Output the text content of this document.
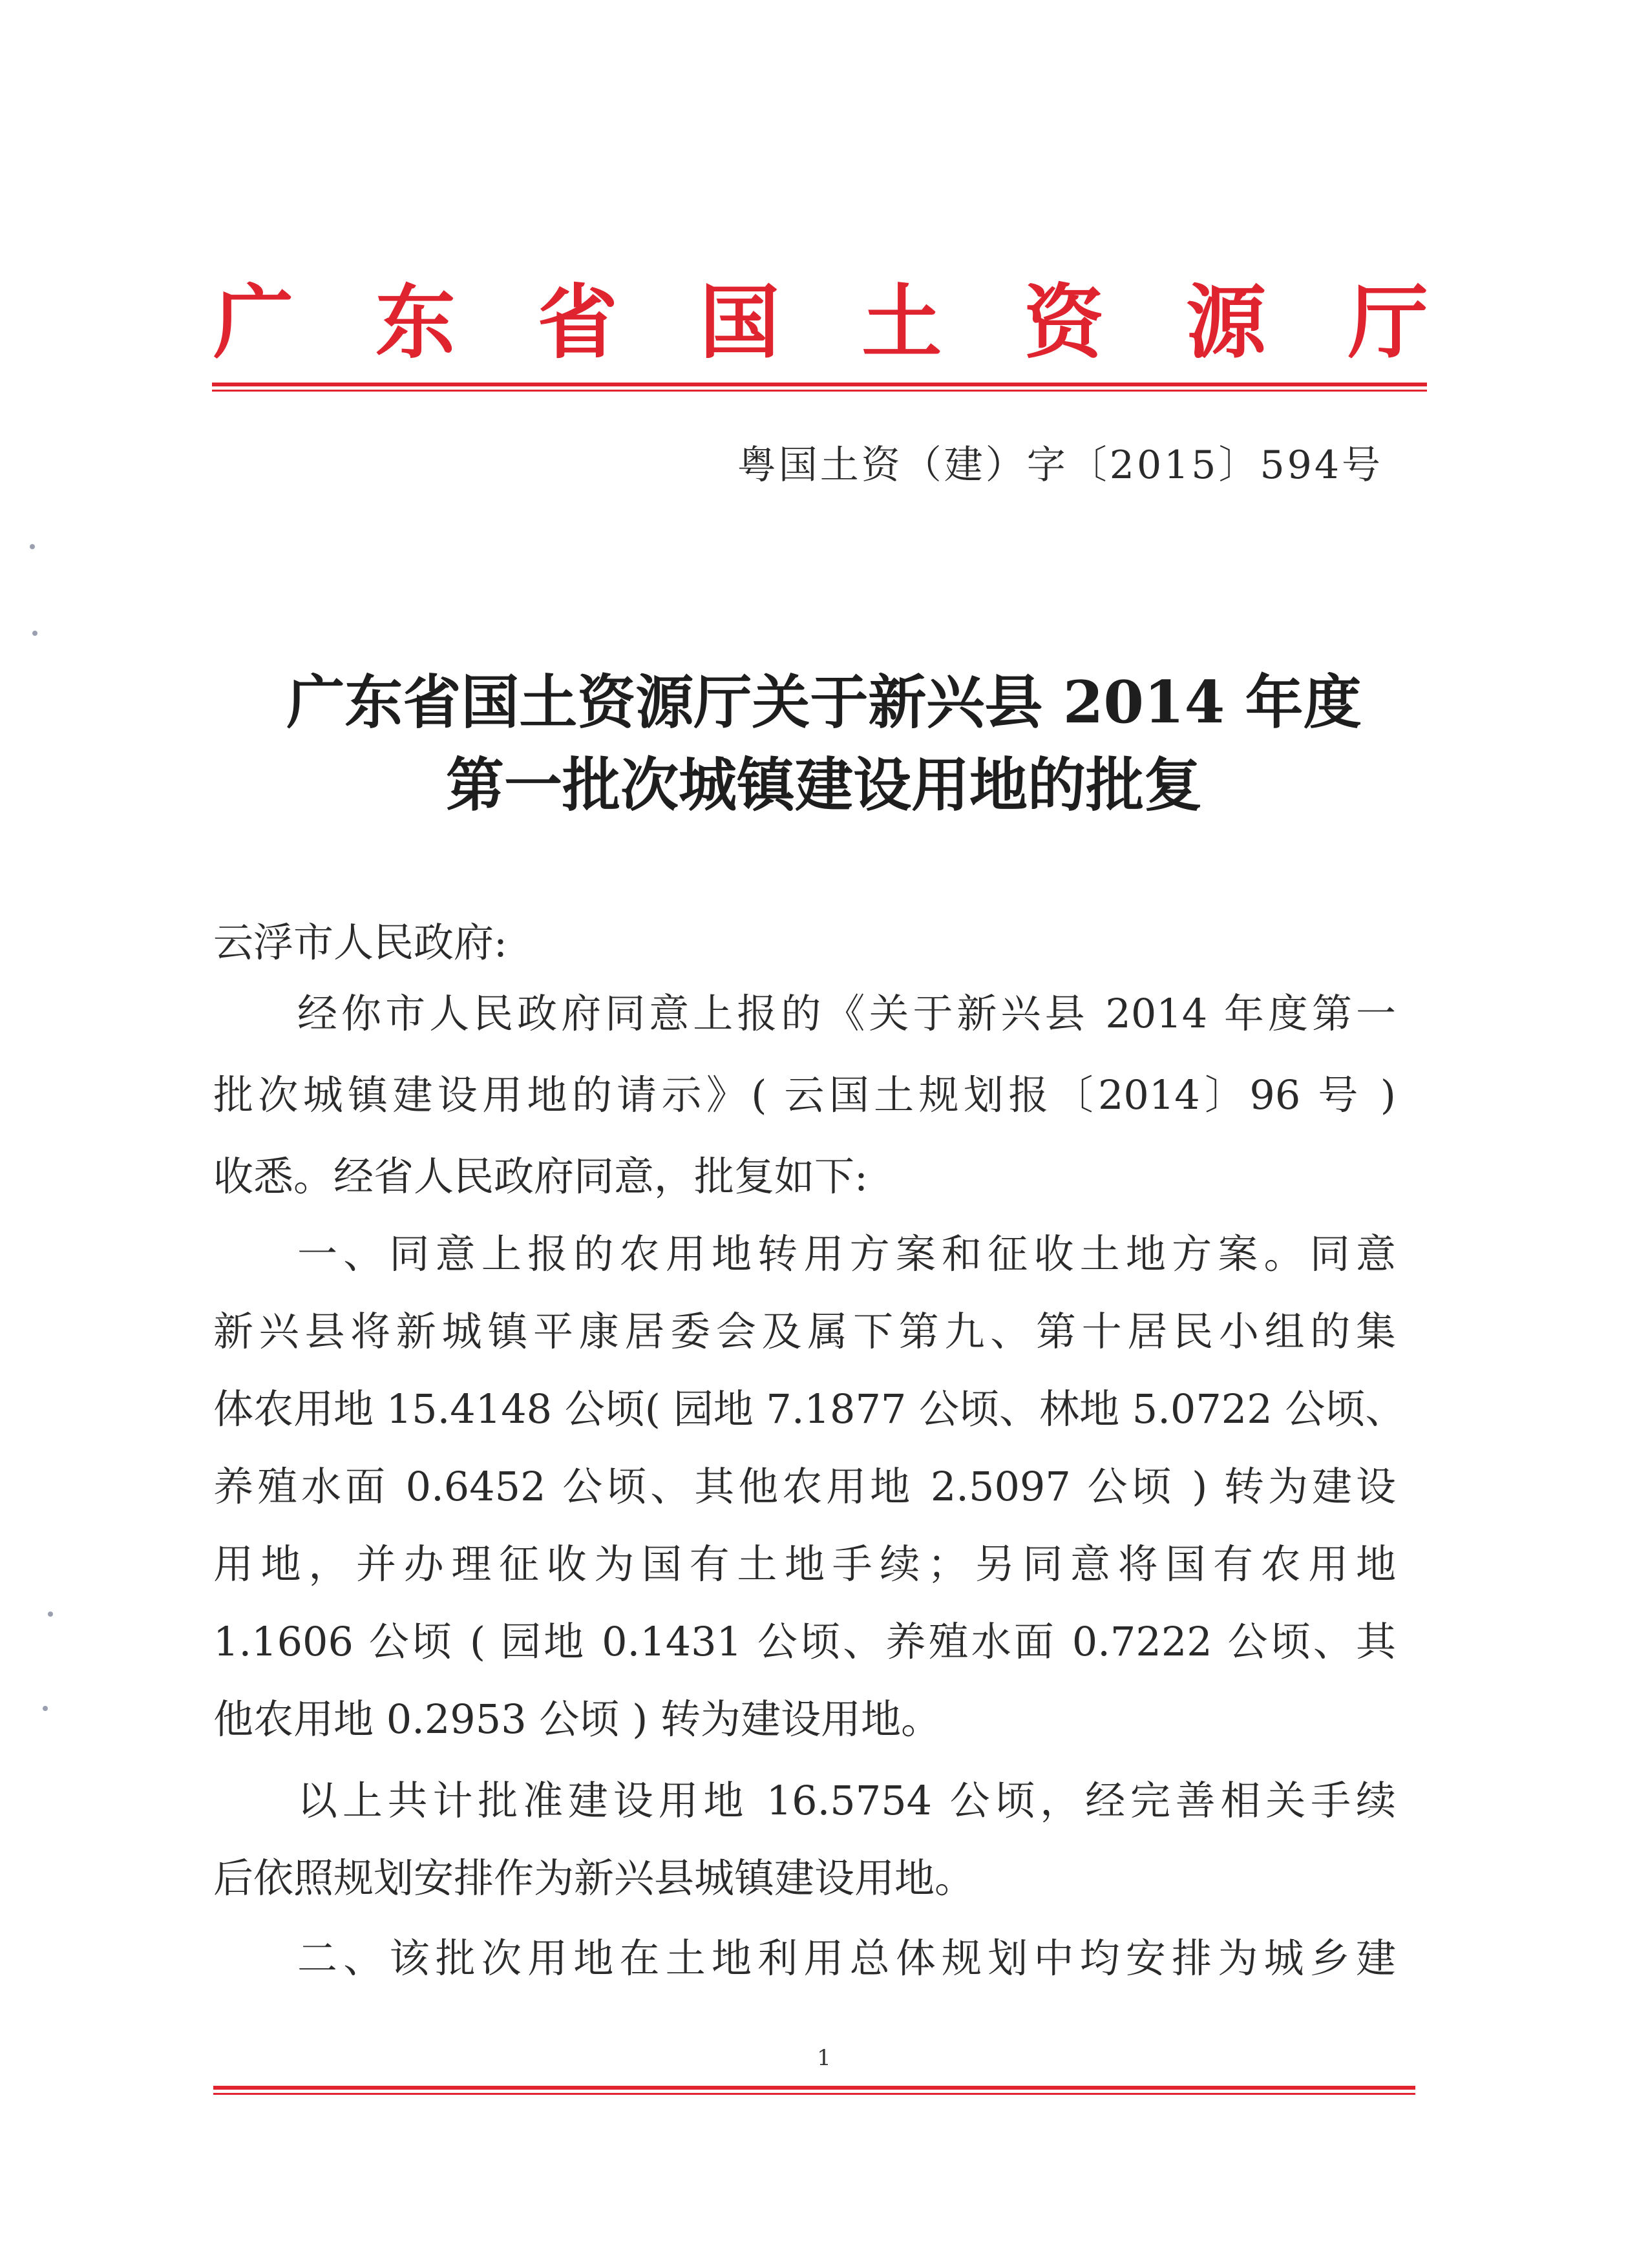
广 东 省 国 土 资 源 厅
粤国土资（建）字〔2015〕594号
广东省国土资源厅关于新兴县 2014 年度
第一批次城镇建设用地的批复
云浮市人民政府:
经你市人民政府同意上报的《关于新兴县 2014 年度第一
批次城镇建设用地的请示》( 云国土规划报〔2014〕96 号 )
收悉。经省人民政府同意，批复如下:
一、同意上报的农用地转用方案和征收土地方案。同意
新兴县将新城镇平康居委会及属下第九、第十居民小组的集
体农用地 15.4148 公顷( 园地 7.1877 公顷、林地 5.0722 公顷、
养殖水面 0.6452 公顷、其他农用地 2.5097 公顷 ) 转为建设
用地，并办理征收为国有土地手续；另同意将国有农用地
1.1606 公顷 ( 园地 0.1431 公顷、养殖水面 0.7222 公顷、其
他农用地 0.2953 公顷 ) 转为建设用地。
以上共计批准建设用地 16.5754 公顷，经完善相关手续
后依照规划安排作为新兴县城镇建设用地。
二、该批次用地在土地利用总体规划中均安排为城乡建
1
